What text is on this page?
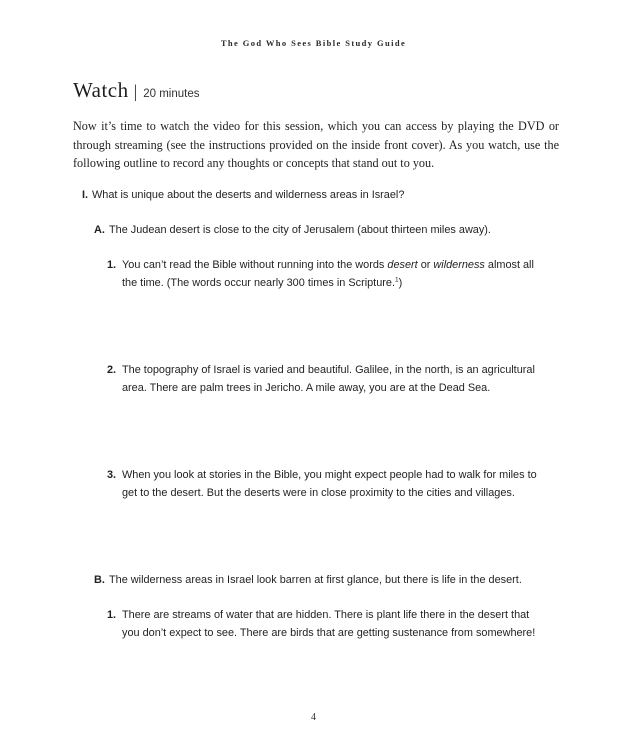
The God Who Sees Bible Study Guide
Watch | 20 minutes

Now it’s time to watch the video for this session, which you can access by playing the DVD or through streaming (see the instructions provided on the inside front cover). As you watch, use the following outline to record any thoughts or concepts that stand out to you.

I. What is unique about the deserts and wilderness areas in Israel?
A. The Judean desert is close to the city of Jerusalem (about thirteen miles away).
1. You can’t read the Bible without running into the words desert or wilderness almost all the time. (The words occur nearly 300 times in Scripture.$^1$)
2. The topography of Israel is varied and beautiful. Galilee, in the north, is an agricultural area. There are palm trees in Jericho. A mile away, you are at the Dead Sea.
3. When you look at stories in the Bible, you might expect people had to walk for miles to get to the desert. But the deserts were in close proximity to the cities and villages.
B. The wilderness areas in Israel look barren at first glance, but there is life in the desert.
1. There are streams of water that are hidden. There is plant life there in the desert that you don’t expect to see. There are birds that are getting sustenance from somewhere!
4
